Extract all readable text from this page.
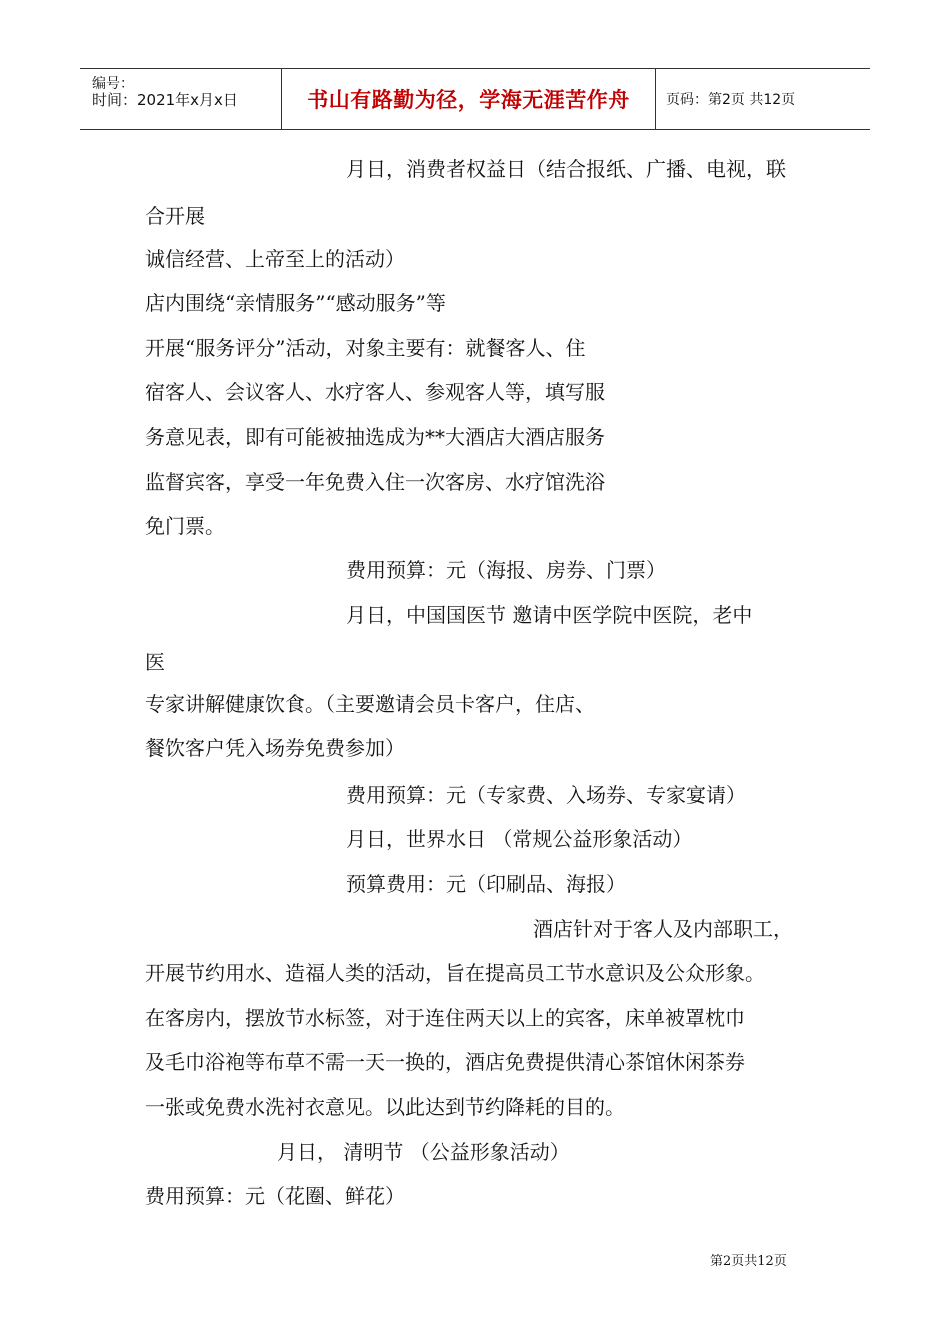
编号：
时间：2021年x月x日	书山有路勤为径，学海无涯苦作舟	页码：第2页 共12页
月日，消费者权益日（结合报纸、广播、电视，联
合开展
诚信经营、上帝至上的活动）
店内围绕“亲情服务”“感动服务”等
开展“服务评分”活动，对象主要有：就餐客人、住
宿客人、会议客人、水疗客人、参观客人等，填写服
务意见表，即有可能被抽选成为**大酒店大酒店服务
监督宾客，享受一年免费入住一次客房、水疗馆洗浴
免门票。
费用预算：元（海报、房券、门票）
月日，中国国医节 邀请中医学院中医院，老中
医
专家讲解健康饮食。（主要邀请会员卡客户，住店、
餐饮客户凭入场券免费参加）
费用预算：元（专家费、入场券、专家宴请）
月日，世界水日 （常规公益形象活动）
预算费用：元（印刷品、海报）
酒店针对于客人及内部职工，
开展节约用水、造福人类的活动，旨在提高员工节水意识及公众形象。
在客房内，摆放节水标签，对于连住两天以上的宾客，床单被罩枕巾
及毛巾浴袍等布草不需一天一换的，酒店免费提供清心茶馆休闲茶券
一张或免费水洗衬衣意见。以此达到节约降耗的目的。
月日， 清明节 （公益形象活动）
费用预算：元（花圈、鲜花）
第2页共12页
